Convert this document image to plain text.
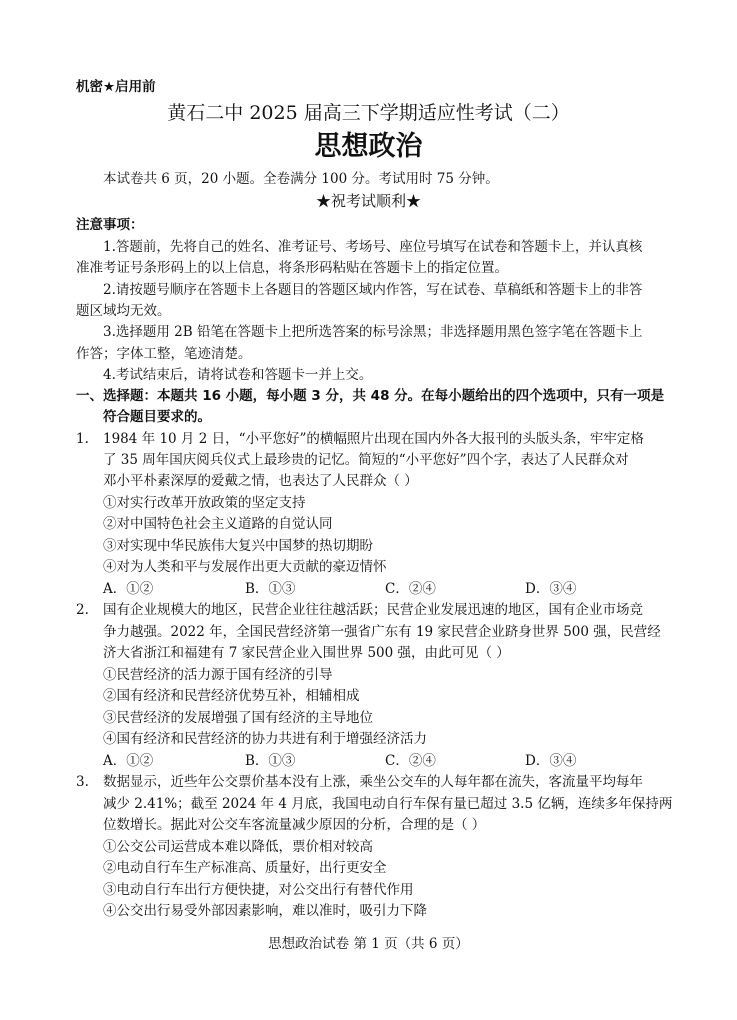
机密★启用前
黄石二中 2025 届高三下学期适应性考试（二）
思想政治
本试卷共 6 页，20 小题。全卷满分 100 分。考试用时 75 分钟。
★祝考试顺利★
注意事项：
1.答题前，先将自己的姓名、准考证号、考场号、座位号填写在试卷和答题卡上，并认真核
准准考证号条形码上的以上信息，将条形码粘贴在答题卡上的指定位置。
2.请按题号顺序在答题卡上各题目的答题区域内作答，写在试卷、草稿纸和答题卡上的非答
题区域均无效。
3.选择题用 2B 铅笔在答题卡上把所选答案的标号涂黑；非选择题用黑色签字笔在答题卡上
作答；字体工整，笔迹清楚。
4.考试结束后，请将试卷和答题卡一并上交。
一、选择题：本题共 16 小题，每小题 3 分，共 48 分。在每小题给出的四个选项中，只有一项是
符合题目要求的。
1. 1984 年 10 月 2 日，“小平您好”的横幅照片出现在国内外各大报刊的头版头条，牢牢定格
了 35 周年国庆阅兵仪式上最珍贵的记忆。简短的“小平您好”四个字，表达了人民群众对
邓小平朴素深厚的爱戴之情，也表达了人民群众（ ）
①对实行改革开放政策的坚定支持
②对中国特色社会主义道路的自觉认同
③对实现中华民族伟大复兴中国梦的热切期盼
④对为人类和平与发展作出更大贡献的豪迈情怀
A．①②	B．①③	C．②④	D．③④
2. 国有企业规模大的地区，民营企业往往越活跃；民营企业发展迅速的地区，国有企业市场竞
争力越强。2022 年，全国民营经济第一强省广东有 19 家民营企业跻身世界 500 强，民营经
济大省浙江和福建有 7 家民营企业入围世界 500 强，由此可见（ ）
①民营经济的活力源于国有经济的引导
②国有经济和民营经济优势互补，相辅相成
③民营经济的发展增强了国有经济的主导地位
④国有经济和民营经济的协力共进有利于增强经济活力
A．①②	B．①③	C．②④	D．③④
3. 数据显示，近些年公交票价基本没有上涨，乘坐公交车的人每年都在流失，客流量平均每年
减少 2.41%；截至 2024 年 4 月底，我国电动自行车保有量已超过 3.5 亿辆，连续多年保持两
位数增长。据此对公交车客流量减少原因的分析，合理的是（ ）
①公交公司运营成本难以降低，票价相对较高
②电动自行车生产标准高、质量好，出行更安全
③电动自行车出行方便快捷，对公交出行有替代作用
④公交出行易受外部因素影响，难以准时，吸引力下降
思想政治试卷 第 1 页（共 6 页）
